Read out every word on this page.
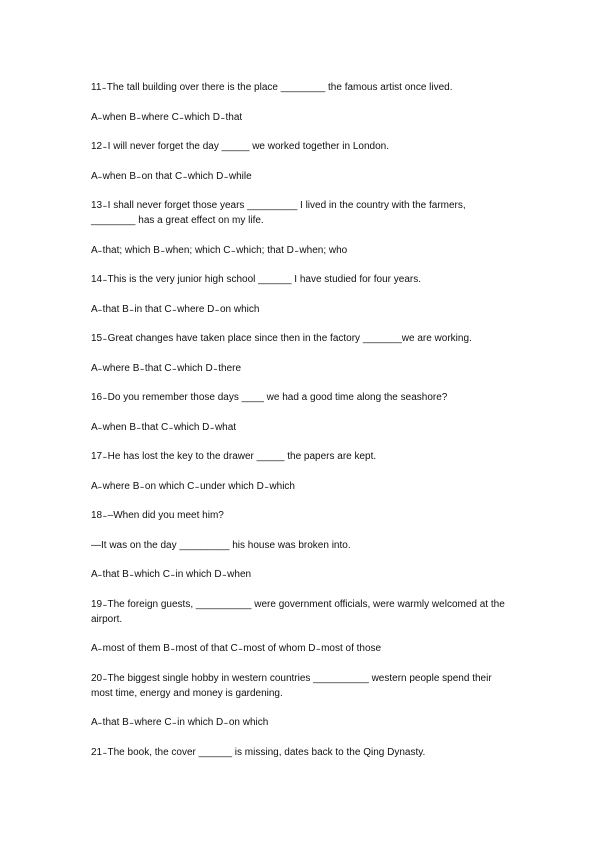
11 ̵ The tall building over there is the place ________ the famous artist once lived.
A ̵ when B ̵ where C ̵ which D ̵ that
12 ̵ I will never forget the day _____ we worked together in London.
A ̵ when B ̵ on that C ̵ which D ̵ while
13 ̵ I shall never forget those years _________ I lived in the country with the farmers, ________ has a great effect on my life.
A ̵ that; which B ̵ when; which C ̵ which; that D ̵ when; who
14 ̵ This is the very junior high school ______ I have studied for four years.
A ̵ that B ̵ in that C ̵ where D ̵ on which
15 ̵ Great changes have taken place since then in the factory _______we are working.
A ̵ where B ̵ that C ̵ which D ̵ there
16 ̵ Do you remember those days ____ we had a good time along the seashore?
A ̵ when B ̵ that C ̵ which D ̵ what
17 ̵ He has lost the key to the drawer _____ the papers are kept.
A ̵ where B ̵ on which C ̵ under which D ̵ which
18 ̵ –When did you meet him?
—It was on the day _________ his house was broken into.
A ̵ that B ̵ which C ̵ in which D ̵ when
19 ̵ The foreign guests, __________ were government officials, were warmly welcomed at the airport.
A ̵ most of them B ̵ most of that C ̵ most of whom D ̵ most of those
20 ̵ The biggest single hobby in western countries __________ western people spend their most time, energy and money is gardening.
A ̵ that B ̵ where C ̵ in which D ̵ on which
21 ̵ The book, the cover ______ is missing, dates back to the Qing Dynasty.
